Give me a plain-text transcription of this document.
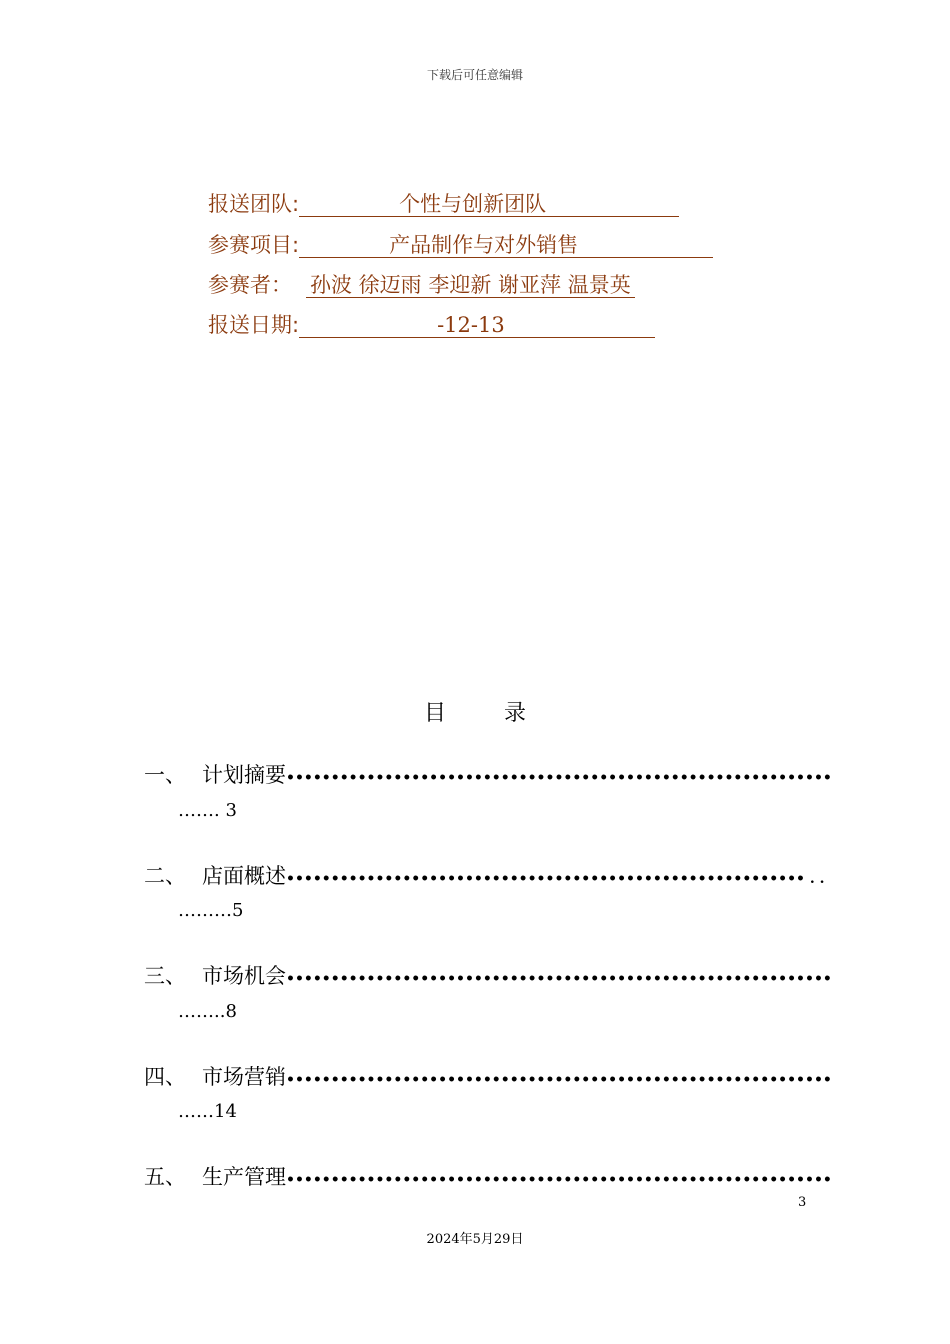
下载后可任意编辑
报送团队:	个性与创新团队
参赛项目:	产品制作与对外销售
参赛者： 孙波 徐迈雨 李迎新 谢亚萍 温景英
报送日期:	-12-13
目	录
一、 计划摘要•••••••••••••••••••••••••••••••••••••••••••••••••••••••••••••
……. 3
二、 店面概述•••••••••••••••••••••••••••••••••••••••••••••••••••••••••• . .
………5
三、 市场机会•••••••••••••••••••••••••••••••••••••••••••••••••••••••••••••
……..8
四、 市场营销•••••••••••••••••••••••••••••••••••••••••••••••••••••••••••••
……14
五、 生产管理•••••••••••••••••••••••••••••••••••••••••••••••••••••••••••••
3
2024年5月29日
